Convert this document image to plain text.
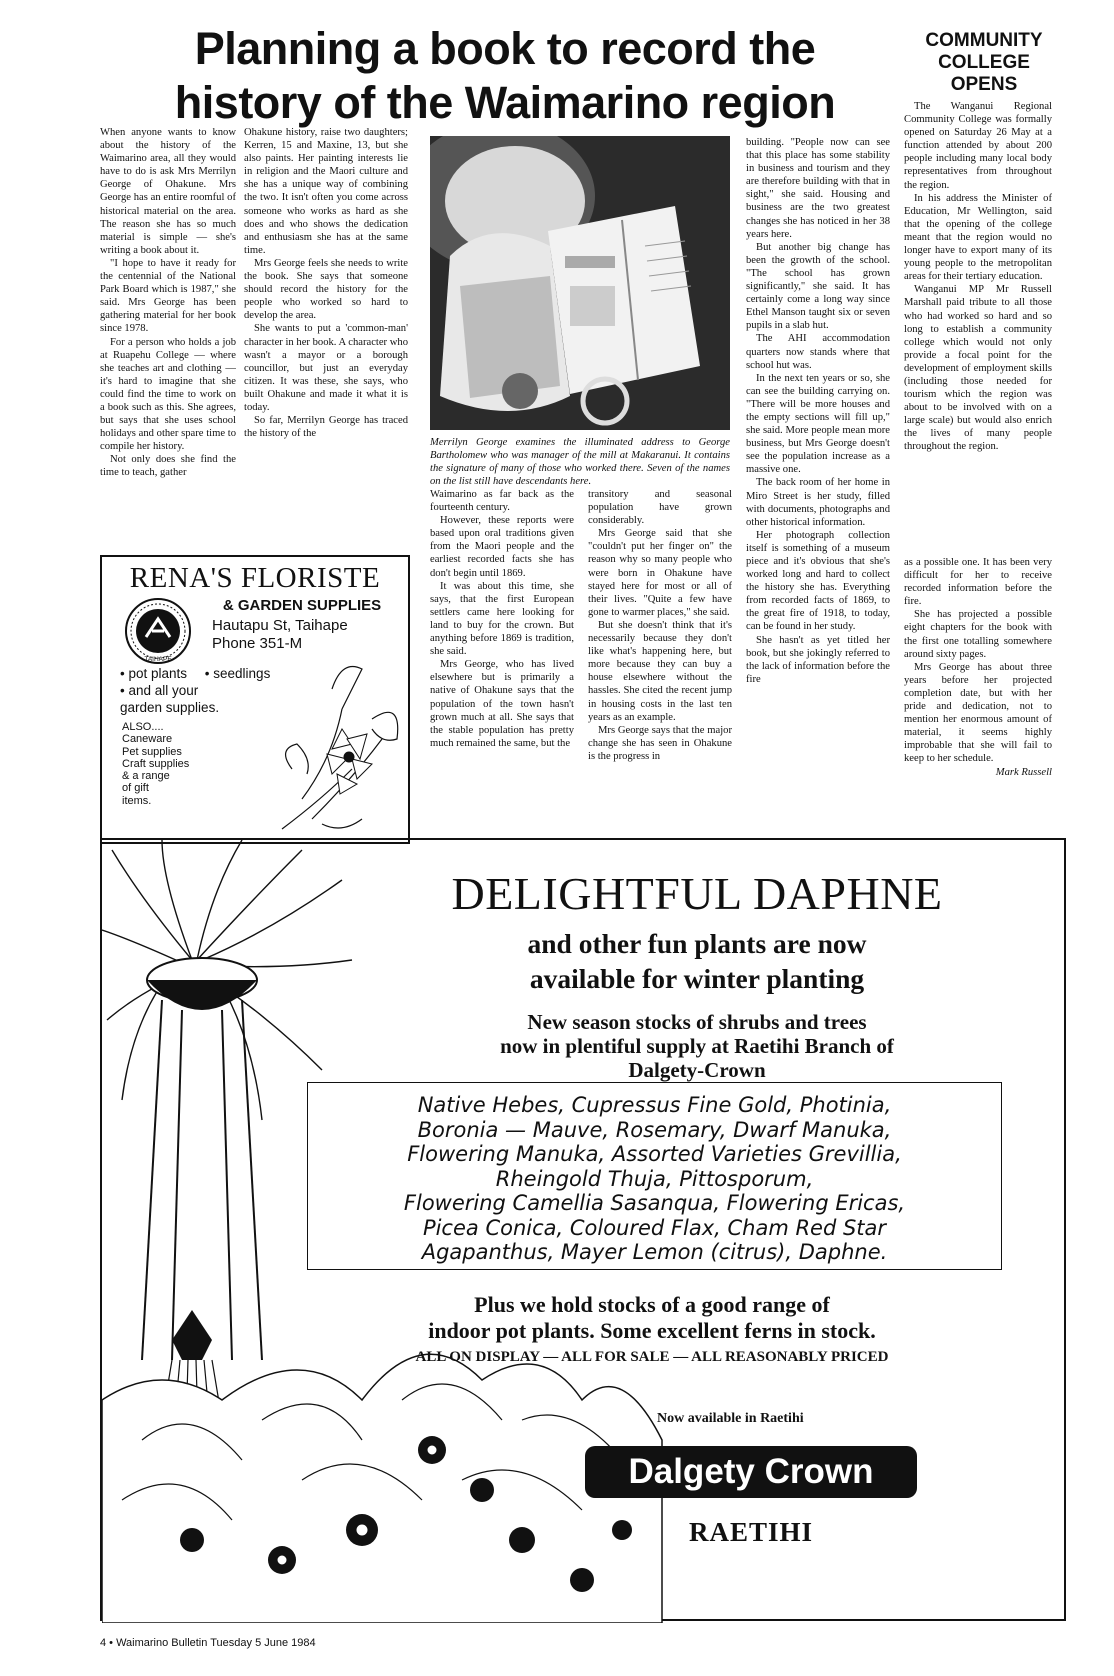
Planning a book to record the history of the Waimarino region

When anyone wants to know about the history of the Waimarino area, all they would have to do is ask Mrs Merrilyn George of Ohakune. Mrs George has an entire roomful of historical material on the area. The reason she has so much material is simple — she's writing a book about it.

"I hope to have it ready for the centennial of the National Park Board which is 1987," she said. Mrs George has been gathering material for her book since 1978.

For a person who holds a job at Ruapehu College — where she teaches art and clothing — it's hard to imagine that she could find the time to work on a book such as this. She agrees, but says that she uses school holidays and other spare time to compile her history.

Not only does she find the time to teach, gather

Ohakune history, raise two daughters; Kerren, 15 and Maxine, 13, but she also paints. Her painting interests lie in religion and the Maori culture and she has a unique way of combining the two. It isn't often you come across someone who works as hard as she does and who shows the dedication and enthusiasm she has at the same time.

Mrs George feels she needs to write the book. She says that someone should record the history for the people who worked so hard to develop the area.

She wants to put a 'common-man' character in her book. A character who wasn't a mayor or a borough councillor, but just an everyday citizen. It was these, she says, who built Ohakune and made it what it is today.

So far, Merrilyn George has traced the history of the

Merrilyn George examines the illuminated address to George Bartholomew who was manager of the mill at Makaranui. It contains the signature of many of those who worked there. Seven of the names on the list still have descendants here.

Waimarino as far back as the fourteenth century.

However, these reports were based upon oral traditions given from the Maori people and the earliest recorded facts she has don't begin until 1869.

It was about this time, she says, that the first European settlers came here looking for land to buy for the crown. But anything before 1869 is tradition, she said.

Mrs George, who has lived elsewhere but is primarily a native of Ohakune says that the population of the town hasn't grown much at all. She says that the stable population has pretty much remained the same, but the

transitory and seasonal population have grown considerably.

Mrs George said that she "couldn't put her finger on" the reason why so many people who were born in Ohakune have stayed here for most or all of their lives. "Quite a few have gone to warmer places," she said.

But she doesn't think that it's necessarily because they don't like what's happening here, but more because they can buy a house elsewhere without the hassles. She cited the recent jump in housing costs in the last ten years as an example.

Mrs George says that the major change she has seen in Ohakune is the progress in

building. "People now can see that this place has some stability in business and tourism and they are therefore building with that in sight," she said. Housing and business are the two greatest changes she has noticed in her 38 years here.

But another big change has been the growth of the school. "The school has grown significantly," she said. It has certainly come a long way since Ethel Manson taught six or seven pupils in a slab hut.

The AHI accommodation quarters now stands where that school hut was.

In the next ten years or so, she can see the building carrying on. "There will be more houses and the empty sections will fill up," she said. More people mean more business, but Mrs George doesn't see the population increase as a massive one.

The back room of her home in Miro Street is her study, filled with documents, photographs and other historical information.

Her photograph collection itself is something of a museum piece and it's obvious that she's worked long and hard to collect the history she has. Everything from recorded facts of 1869, to the great fire of 1918, to today, can be found in her study.

She hasn't as yet titled her book, but she jokingly referred to the lack of information before the fire

as a possible one. It has been very difficult for her to receive recorded information before the fire.

She has projected a possible eight chapters for the book with the first one totalling somewhere around sixty pages.

Mrs George has about three years before her projected completion date, but with her pride and dedication, not to mention her enormous amount of material, it seems highly improbable that she will fail to keep to her schedule.

Mark Russell

COMMUNITY
COLLEGE
OPENS

The Wanganui Regional Community College was formally opened on Saturday 26 May at a function attended by about 200 people including many local body representatives from throughout the region.

In his address the Minister of Education, Mr Wellington, said that the opening of the college meant that the region would no longer have to export many of its young people to the metropolitan areas for their tertiary education.

Wanganui MP Mr Russell Marshall paid tribute to all those who had worked so hard and so long to establish a community college which would not only provide a focal point for the development of employment skills (including those needed for tourism which the region was about to be involved with on a large scale) but would also enrich the lives of many people throughout the region.

RENA'S FLORISTE
TAIHAPE
& GARDEN SUPPLIES
Hautapu St, Taihape
Phone 351-M
• pot plants • seedlings
• and all your
garden supplies.
ALSO....
Caneware
Pet supplies
Craft supplies
& a range
of gift
items.
DELIGHTFUL DAPHNE
and other fun plants are now
available for winter planting
New season stocks of shrubs and trees
now in plentiful supply at Raetihi Branch of
Dalgety-Crown
Native Hebes, Cupressus Fine Gold, Photinia,
Boronia — Mauve, Rosemary, Dwarf Manuka,
Flowering Manuka, Assorted Varieties Grevillia,
Rheingold Thuja, Pittosporum,
Flowering Camellia Sasanqua, Flowering Ericas,
Picea Conica, Coloured Flax, Cham Red Star
Agapanthus, Mayer Lemon (citrus), Daphne.
Plus we hold stocks of a good range of
indoor pot plants. Some excellent ferns in stock.
ALL ON DISPLAY — ALL FOR SALE — ALL REASONABLY PRICED
Now available in Raetihi
Dalgety Crown
RAETIHI
4 • Waimarino Bulletin Tuesday 5 June 1984
